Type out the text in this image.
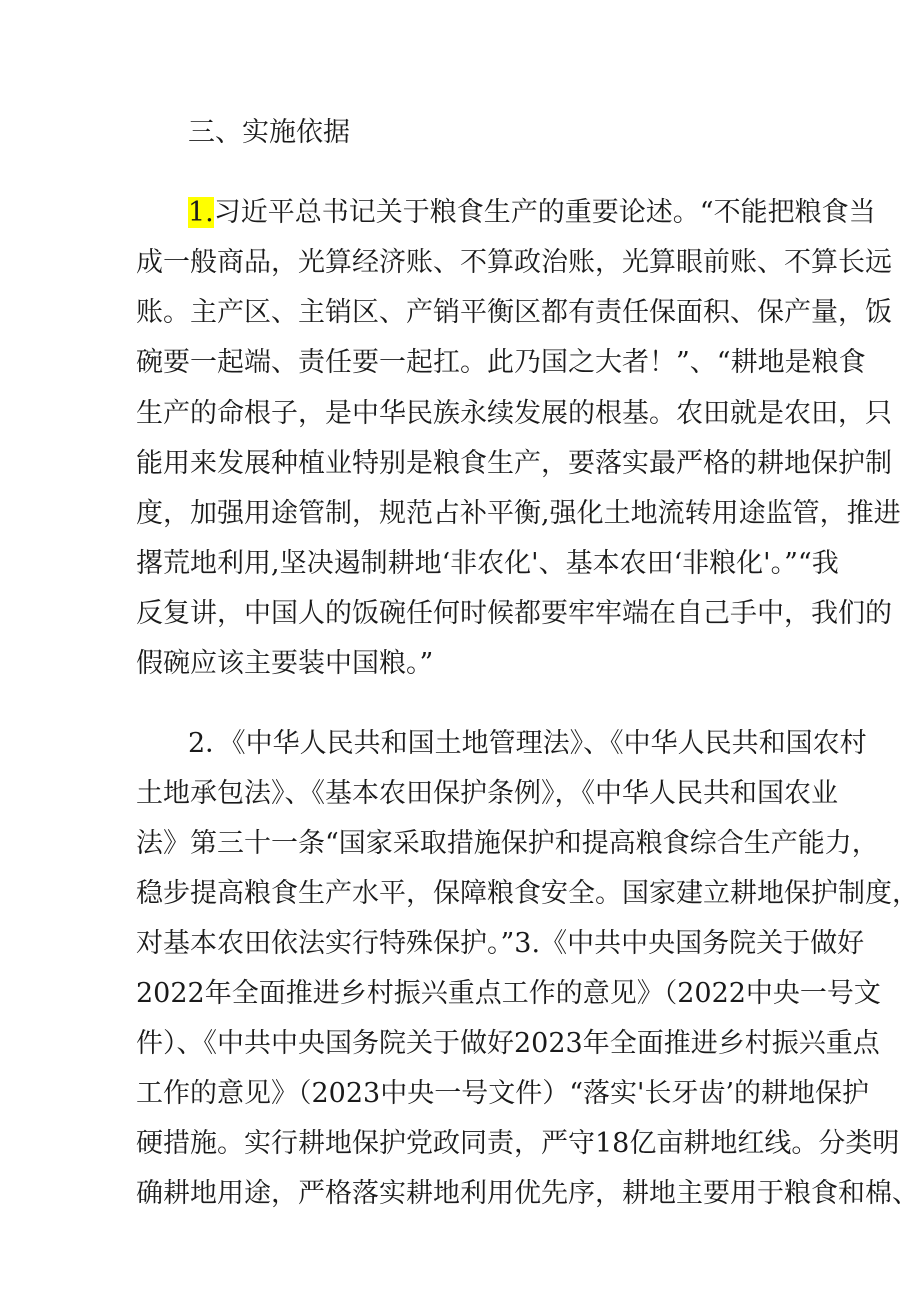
三、实施依据
1.习近平总书记关于粮食生产的重要论述。“不能把粮食当
成一般商品，光算经济账、不算政治账，光算眼前账、不算长远
账。主产区、主销区、产销平衡区都有责任保面积、保产量，饭
碗要一起端、责任要一起扛。此乃国之大者！”、“耕地是粮食
生产的命根子，是中华民族永续发展的根基。农田就是农田，只
能用来发展种植业特别是粮食生产，要落实最严格的耕地保护制
度，加强用途管制，规范占补平衡,强化土地流转用途监管，推进
撂荒地利用,坚决遏制耕地‘非农化'、基本农田‘非粮化'。”“我
反复讲，中国人的饭碗任何时候都要牢牢端在自己手中，我们的
假碗应该主要装中国粮。”
2．《中华人民共和国土地管理法》、《中华人民共和国农村
土地承包法》、《基本农田保护条例》，《中华人民共和国农业
法》第三十一条“国家采取措施保护和提高粮食综合生产能力，
稳步提高粮食生产水平，保障粮食安全。国家建立耕地保护制度，
对基本农田依法实行特殊保护。”3.《中共中央国务院关于做好
2022年全面推进乡村振兴重点工作的意见》（2022中央一号文
件）、《中共中央国务院关于做好2023年全面推进乡村振兴重点
工作的意见》（2023中央一号文件）“落实'长牙齿’的耕地保护
硬措施。实行耕地保护党政同责，严守18亿亩耕地红线。分类明
确耕地用途，严格落实耕地利用优先序，耕地主要用于粮食和棉、
